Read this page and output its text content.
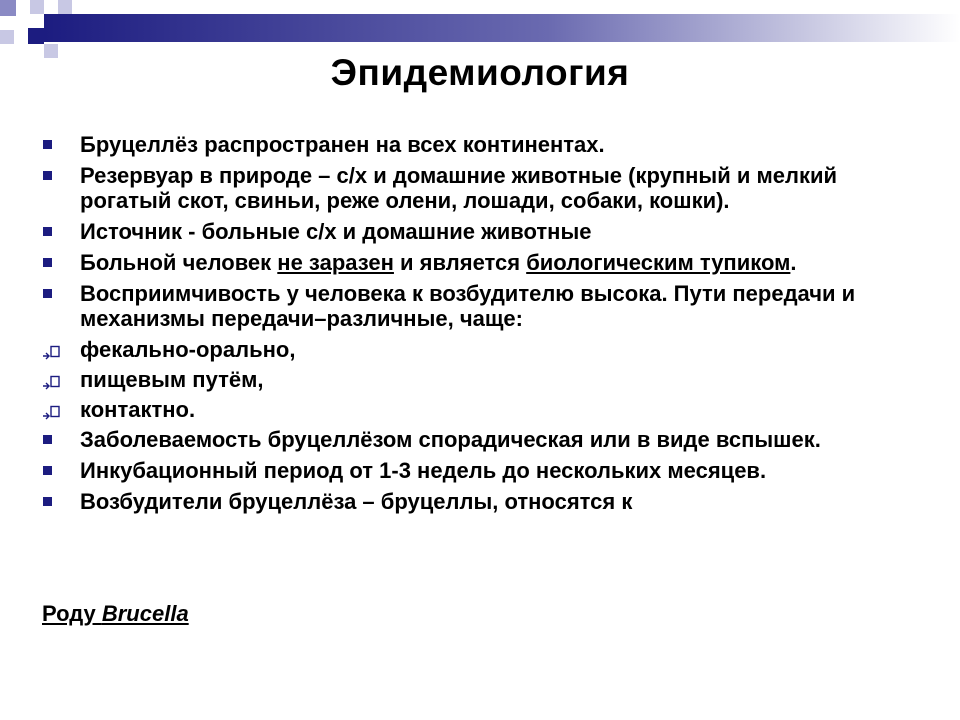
Эпидемиология
Бруцеллёз распространен на всех континентах.
Резервуар в природе – с/х и домашние животные (крупный и мелкий рогатый скот, свиньи, реже олени, лошади, собаки, кошки).
Источник - больные с/х и домашние животные
Больной человек не заразен и является биологическим тупиком.
Восприимчивость у человека к возбудителю высока. Пути передачи и механизмы передачи–различные, чаще:
фекально-орально,
пищевым путём,
контактно.
Заболеваемость бруцеллёзом спорадическая или в виде вспышек.
Инкубационный период от 1-3 недель до нескольких месяцев.
Возбудители бруцеллёза – бруцеллы, относятся к
Роду Brucella
